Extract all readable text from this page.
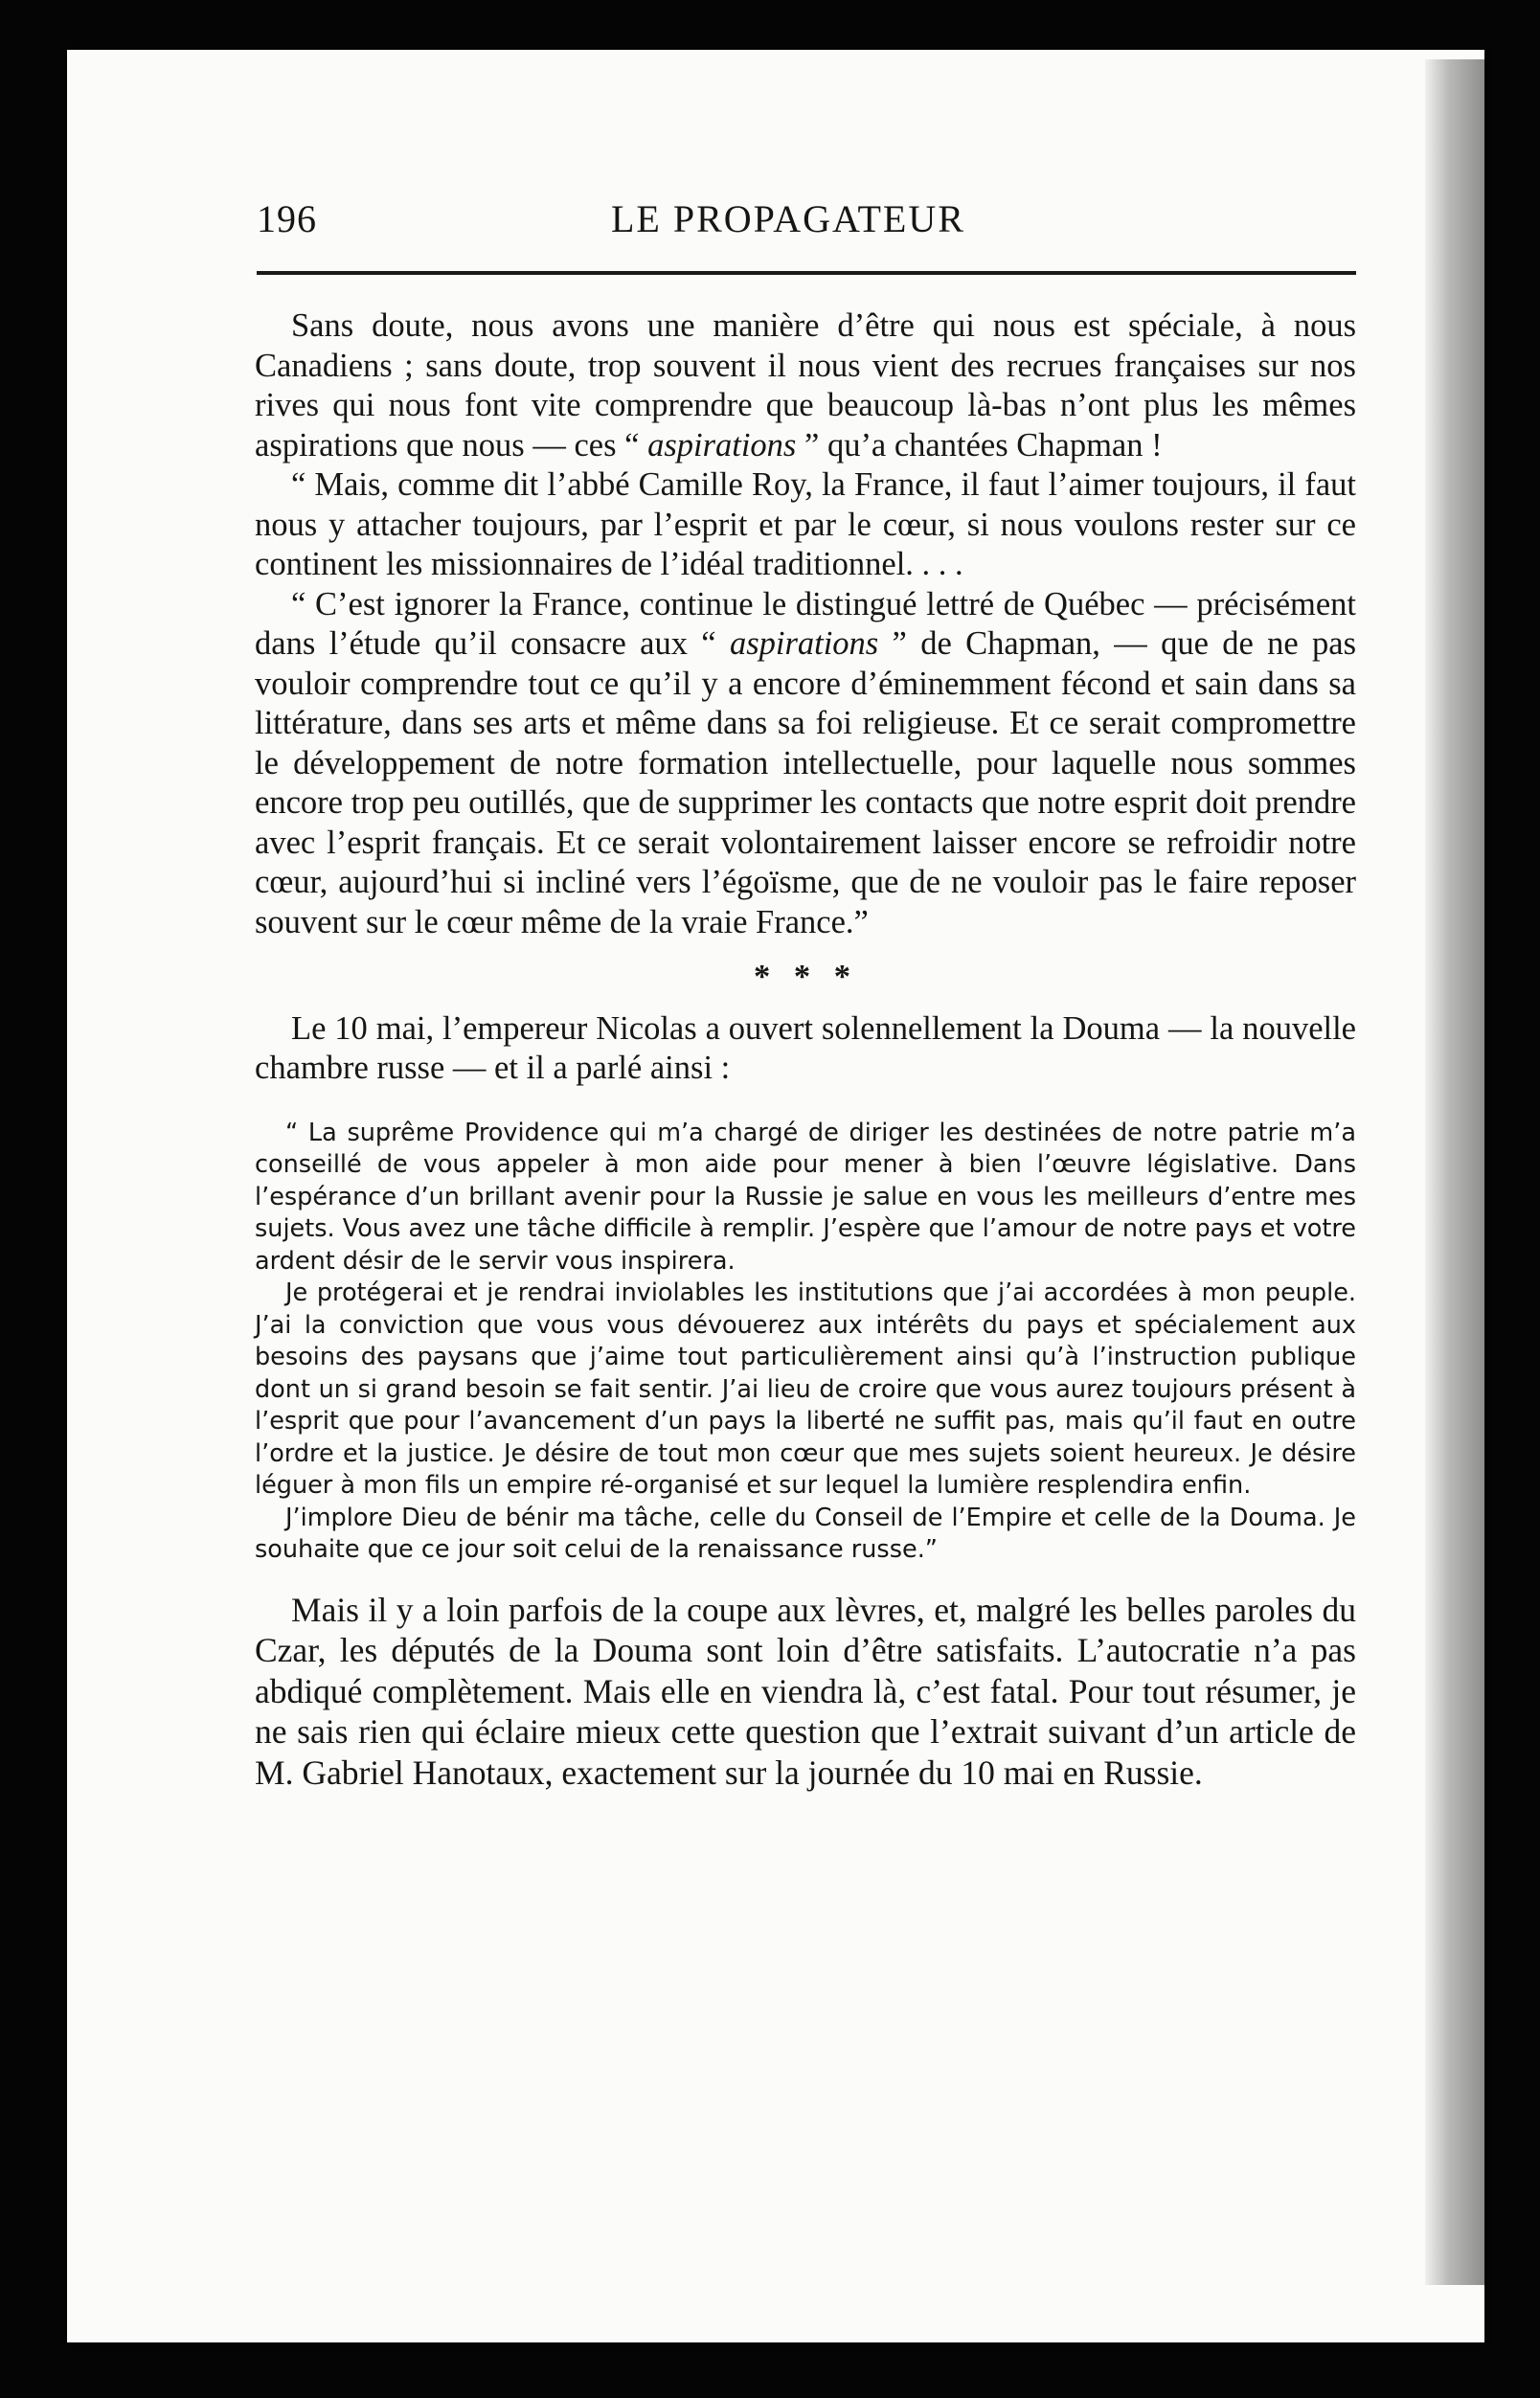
196	LE PROPAGATEUR

Sans doute, nous avons une manière d’être qui nous est spéciale, à nous Canadiens ; sans doute, trop souvent il nous vient des recrues françaises sur nos rives qui nous font vite comprendre que beaucoup là-bas n’ont plus les mêmes aspirations que nous — ces “ aspirations ” qu’a chantées Chapman !

“ Mais, comme dit l’abbé Camille Roy, la France, il faut l’aimer toujours, il faut nous y attacher toujours, par l’esprit et par le cœur, si nous voulons rester sur ce continent les missionnaires de l’idéal traditionnel. . . .

“ C’est ignorer la France, continue le distingué lettré de Québec — précisément dans l’étude qu’il consacre aux “ aspirations ” de Chapman, — que de ne pas vouloir comprendre tout ce qu’il y a encore d’éminemment fécond et sain dans sa littérature, dans ses arts et même dans sa foi religieuse. Et ce serait compromettre le développement de notre formation intellectuelle, pour laquelle nous sommes encore trop peu outillés, que de supprimer les contacts que notre esprit doit prendre avec l’esprit français. Et ce serait volontairement laisser encore se refroidir notre cœur, aujourd’hui si incliné vers l’égoïsme, que de ne vouloir pas le faire reposer souvent sur le cœur même de la vraie France.”

* * *

Le 10 mai, l’empereur Nicolas a ouvert solennellement la Douma — la nouvelle chambre russe — et il a parlé ainsi :

“ La suprême Providence qui m’a chargé de diriger les destinées de notre patrie m’a conseillé de vous appeler à mon aide pour mener à bien l’œuvre législative. Dans l’espérance d’un brillant avenir pour la Russie je salue en vous les meilleurs d’entre mes sujets. Vous avez une tâche difficile à remplir. J’espère que l’amour de notre pays et votre ardent désir de le servir vous inspirera.

Je protégerai et je rendrai inviolables les institutions que j’ai accordées à mon peuple. J’ai la conviction que vous vous dévouerez aux intérêts du pays et spécialement aux besoins des paysans que j’aime tout particulièrement ainsi qu’à l’instruction publique dont un si grand besoin se fait sentir. J’ai lieu de croire que vous aurez toujours présent à l’esprit que pour l’avancement d’un pays la liberté ne suffit pas, mais qu’il faut en outre l’ordre et la justice. Je désire de tout mon cœur que mes sujets soient heureux. Je désire léguer à mon fils un empire ré-organisé et sur lequel la lumière resplendira enfin.

J’implore Dieu de bénir ma tâche, celle du Conseil de l’Empire et celle de la Douma. Je souhaite que ce jour soit celui de la renaissance russe.”

Mais il y a loin parfois de la coupe aux lèvres, et, malgré les belles paroles du Czar, les députés de la Douma sont loin d’être satisfaits. L’autocratie n’a pas abdiqué complètement. Mais elle en viendra là, c’est fatal. Pour tout résumer, je ne sais rien qui éclaire mieux cette question que l’extrait suivant d’un article de M. Gabriel Hanotaux, exactement sur la journée du 10 mai en Russie.
